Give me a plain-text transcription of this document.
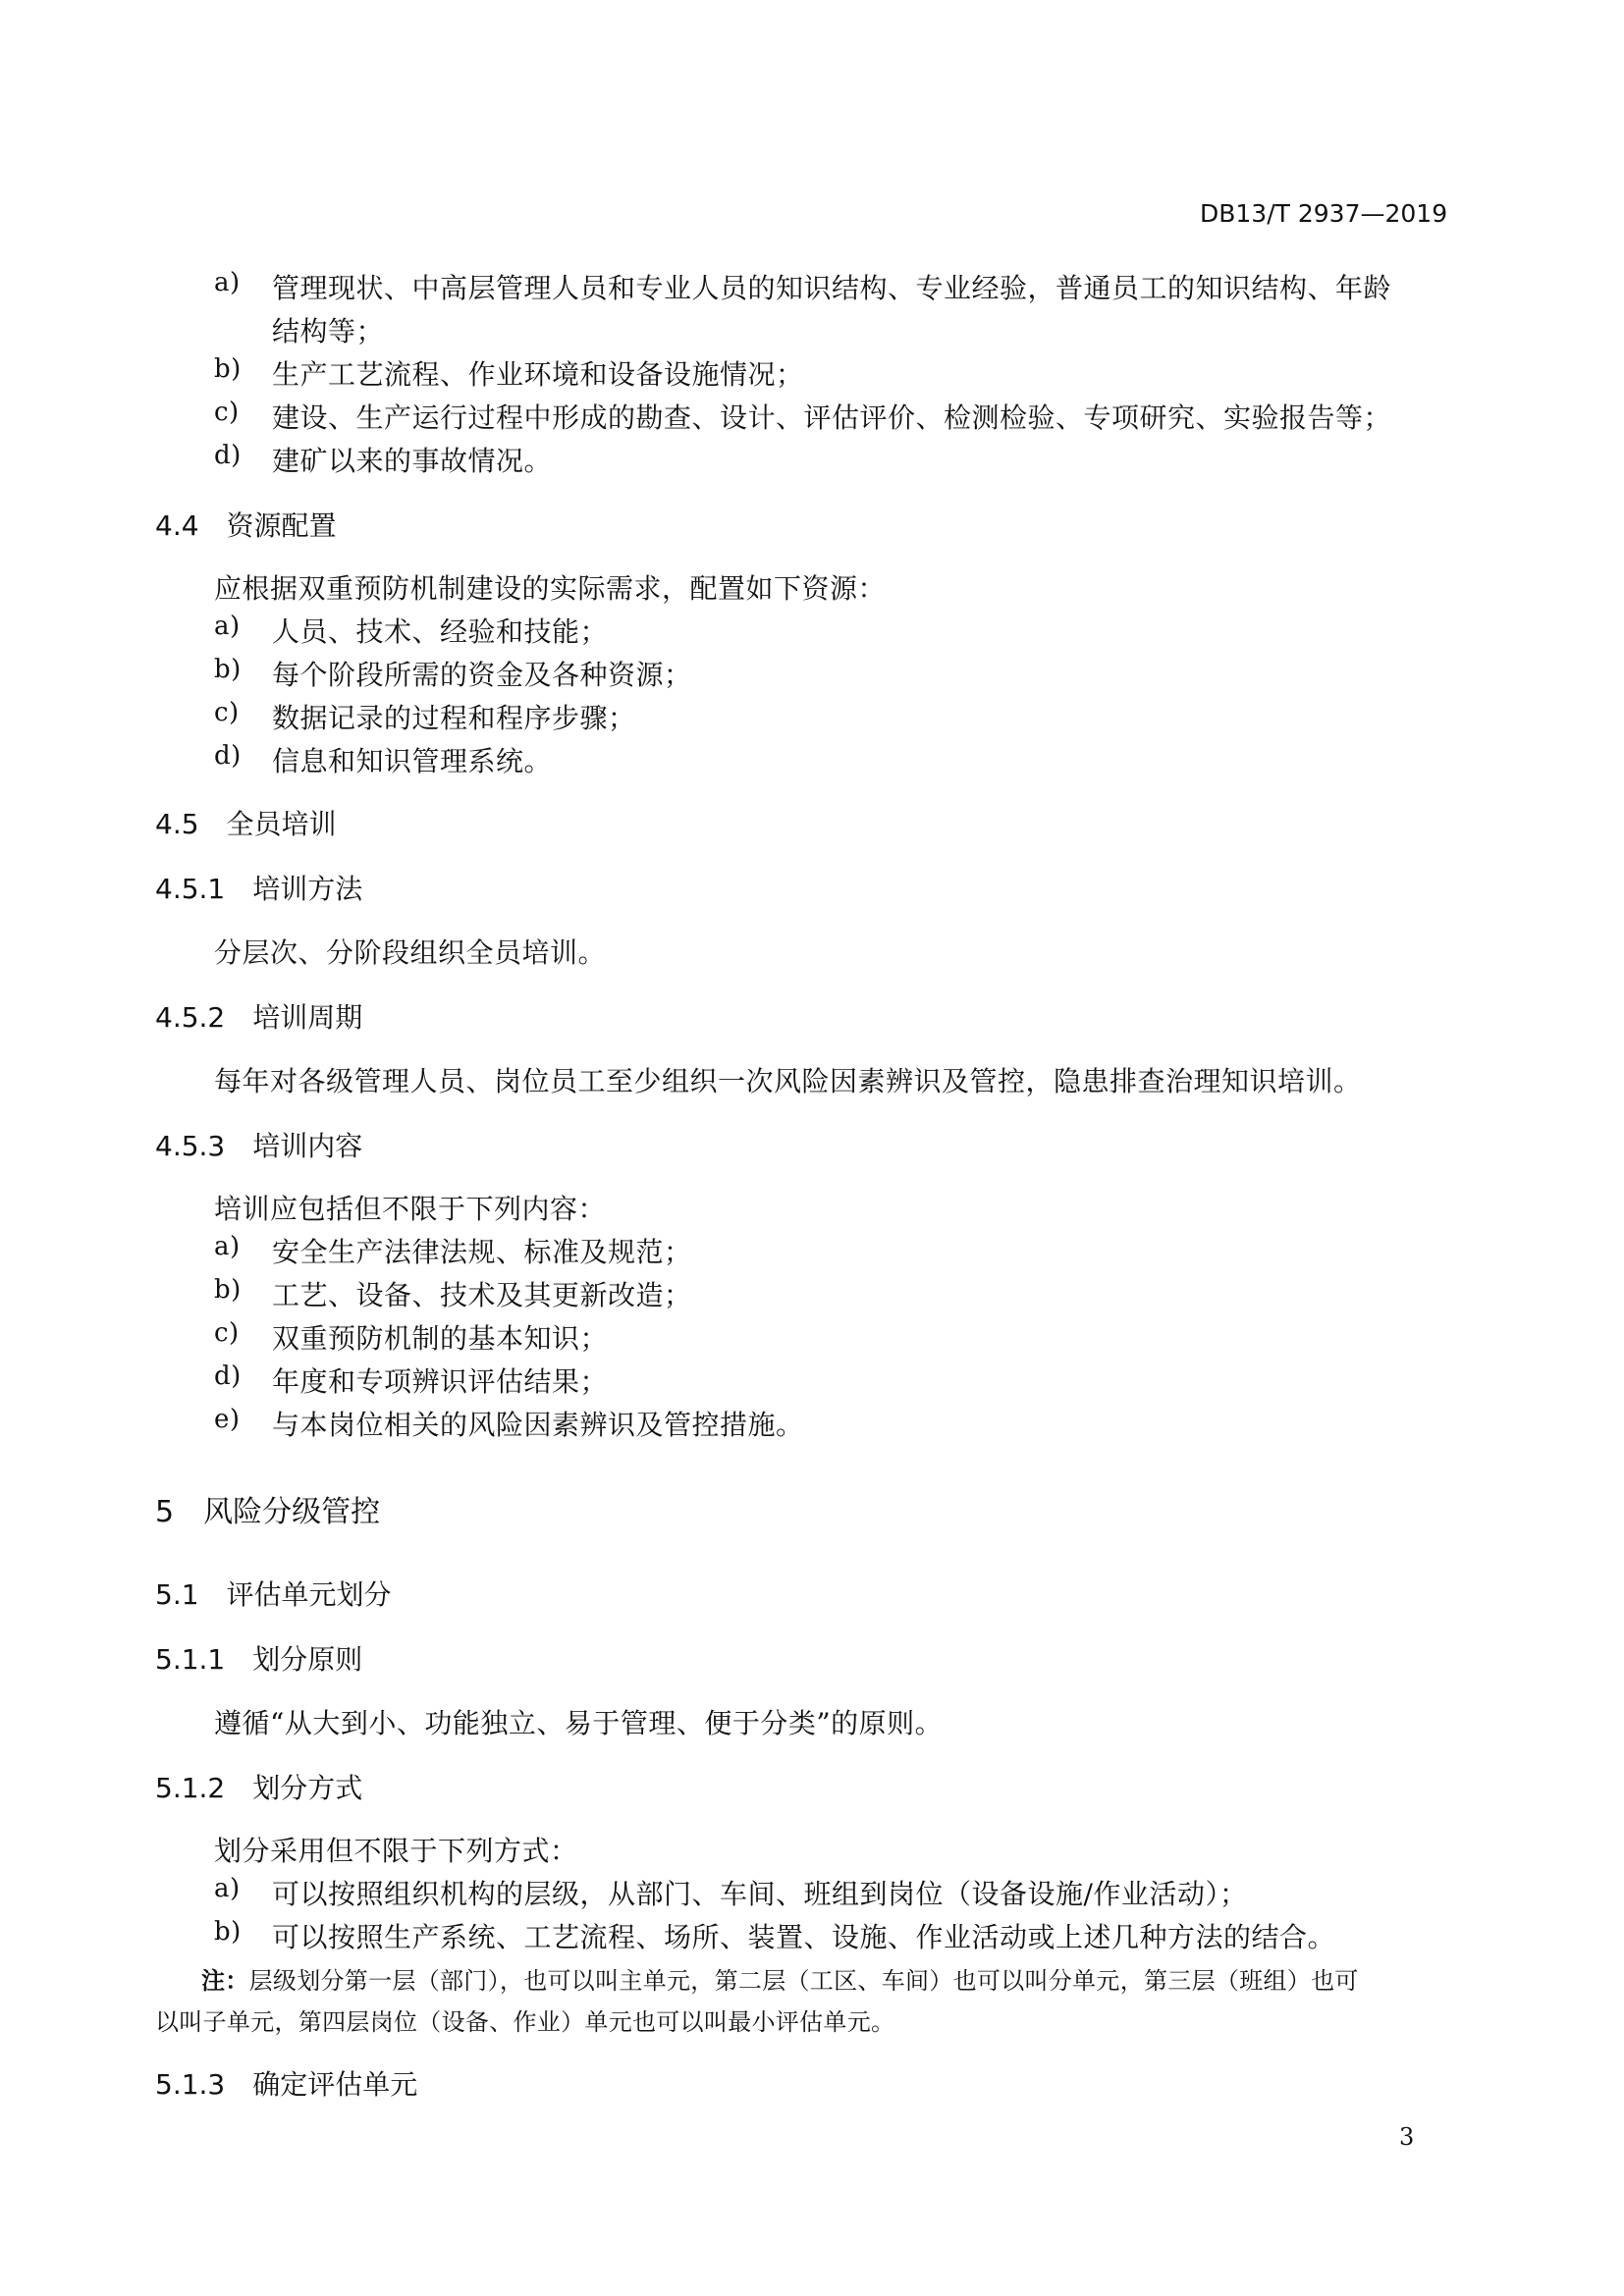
DB13/T 2937—2019
a)	管理现状、中高层管理人员和专业人员的知识结构、专业经验，普通员工的知识结构、年龄
结构等；
b)	生产工艺流程、作业环境和设备设施情况；
c)	建设、生产运行过程中形成的勘查、设计、评估评价、检测检验、专项研究、实验报告等；
d)	建矿以来的事故情况。
4.4　资源配置
应根据双重预防机制建设的实际需求，配置如下资源：
a)	人员、技术、经验和技能；
b)	每个阶段所需的资金及各种资源；
c)	数据记录的过程和程序步骤；
d)	信息和知识管理系统。
4.5　全员培训
4.5.1　培训方法
分层次、分阶段组织全员培训。
4.5.2　培训周期
每年对各级管理人员、岗位员工至少组织一次风险因素辨识及管控，隐患排查治理知识培训。
4.5.3　培训内容
培训应包括但不限于下列内容：
a)	安全生产法律法规、标准及规范；
b)	工艺、设备、技术及其更新改造；
c)	双重预防机制的基本知识；
d)	年度和专项辨识评估结果；
e)	与本岗位相关的风险因素辨识及管控措施。
5　风险分级管控
5.1　评估单元划分
5.1.1　划分原则
遵循“从大到小、功能独立、易于管理、便于分类”的原则。
5.1.2　划分方式
划分采用但不限于下列方式：
a)	可以按照组织机构的层级，从部门、车间、班组到岗位（设备设施/作业活动）；
b)	可以按照生产系统、工艺流程、场所、装置、设施、作业活动或上述几种方法的结合。
注：层级划分第一层（部门），也可以叫主单元，第二层（工区、车间）也可以叫分单元，第三层（班组）也可
以叫子单元，第四层岗位（设备、作业）单元也可以叫最小评估单元。
5.1.3　确定评估单元
3
